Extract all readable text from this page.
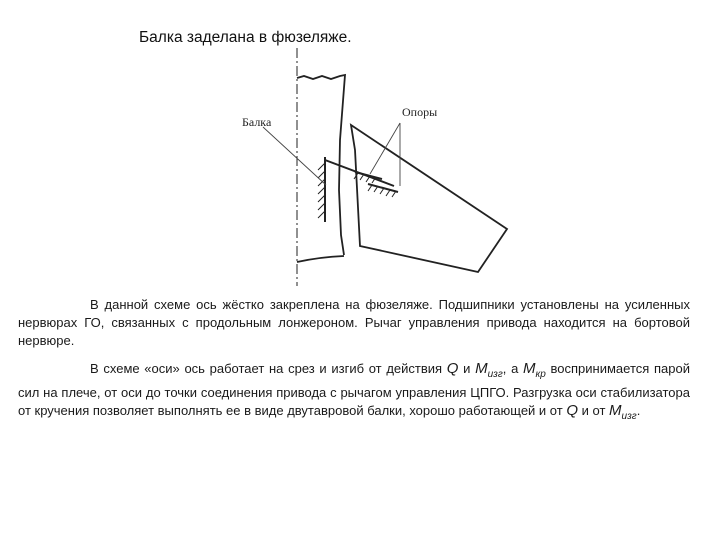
Балка заделана в фюзеляже.
Балка
Опоры
В данной схеме ось жёстко закреплена на фюзеляже. Подшипники установлены на усиленных нервюрах ГО, связанных с продольным лонжероном. Рычаг управления привода находится на бортовой нервюре.
В схеме «оси» ось работает на срез и изгиб от действия Q и $M_{изг}$, а $M_{кр}$ воспринимается парой сил на плече, от оси до точки соединения привода с рычагом управления ЦПГО. Разгрузка оси стабилизатора от кручения позволяет выполнять ее в виде двутавровой балки, хорошо работающей и от Q и от $M_{изг}$.
